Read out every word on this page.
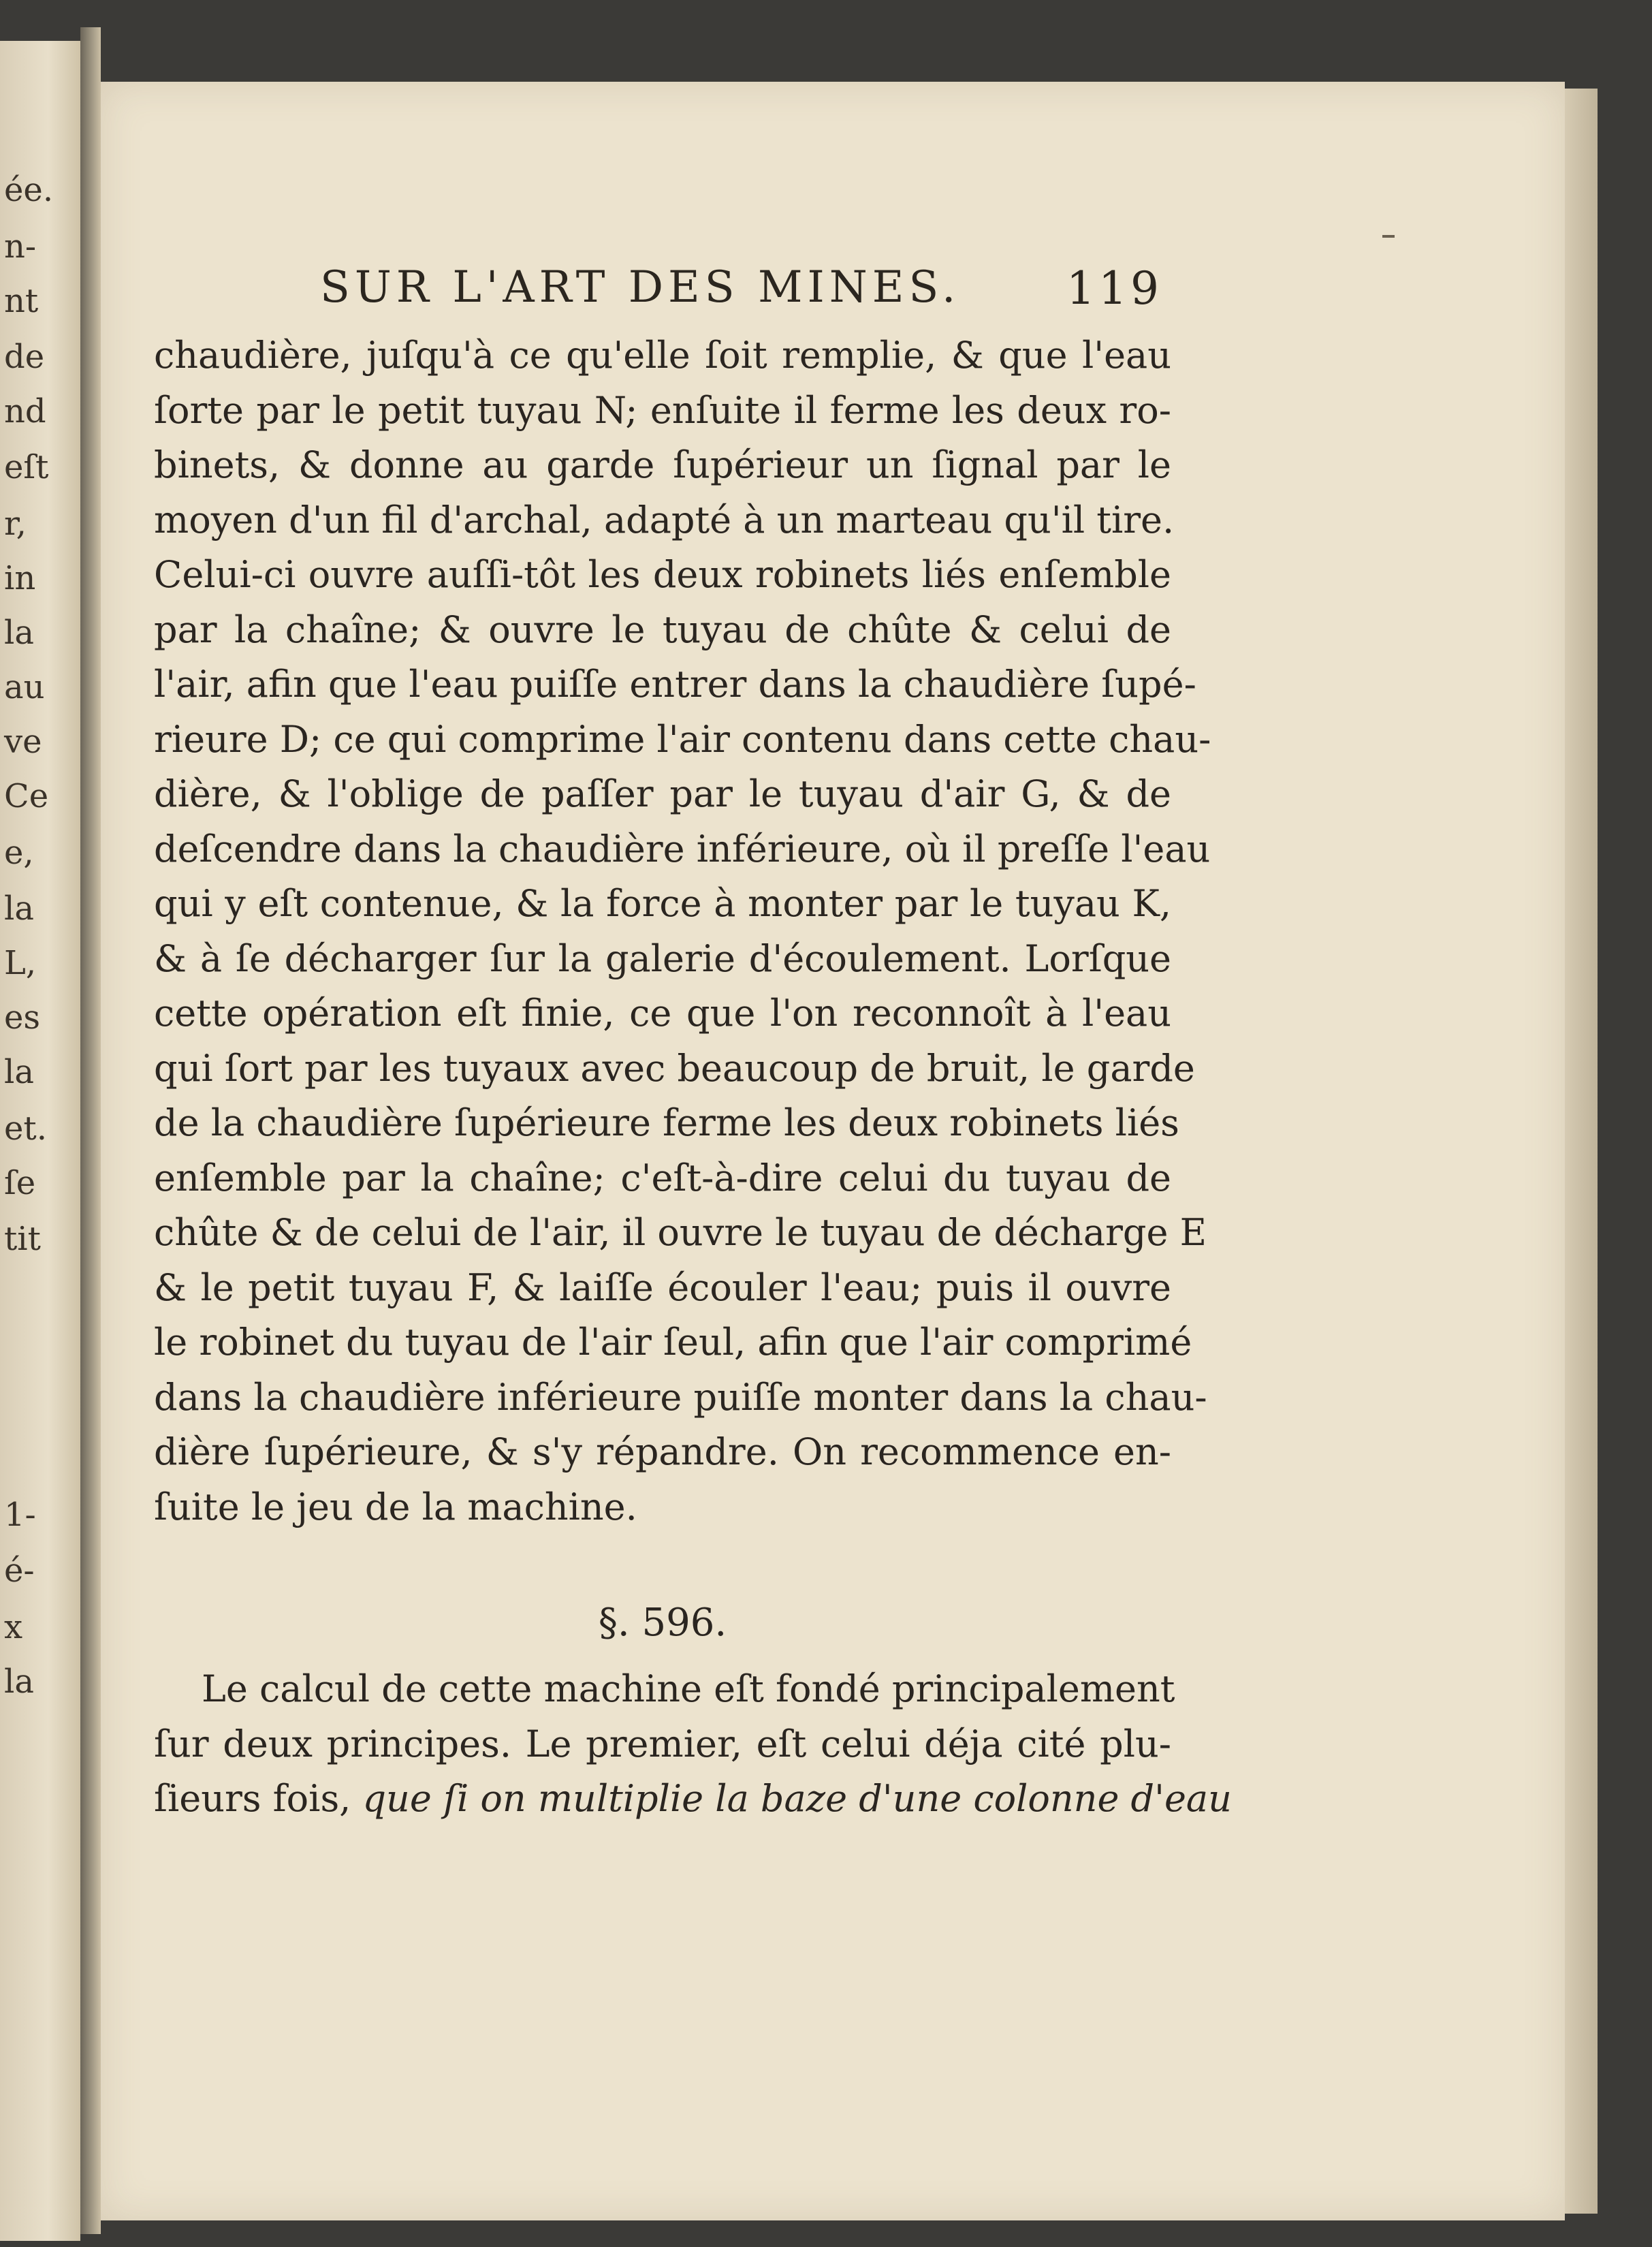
ée.
n-
nt
de
nd
eſt
r,
in
la
au
ve
Ce
e,
la
L,
es
la
et.
ſe
tit
1-
é-
x
la
SUR L'ART DES MINES. 119
chaudière, juſqu'à ce qu'elle ſoit remplie, & que l'eau
ſorte par le petit tuyau N; enſuite il ferme les deux ro-
binets, & donne au garde ſupérieur un ſignal par le
moyen d'un fil d'archal, adapté à un marteau qu'il tire.
Celui-ci ouvre auſſi-tôt les deux robinets liés enſemble
par la chaîne; & ouvre le tuyau de chûte & celui de
l'air, afin que l'eau puiſſe entrer dans la chaudière ſupé-
rieure D; ce qui comprime l'air contenu dans cette chau-
dière, & l'oblige de paſſer par le tuyau d'air G, & de
deſcendre dans la chaudière inférieure, où il preſſe l'eau
qui y eſt contenue, & la force à monter par le tuyau K,
& à ſe décharger ſur la galerie d'écoulement. Lorſque
cette opération eſt finie, ce que l'on reconnoît à l'eau
qui ſort par les tuyaux avec beaucoup de bruit, le garde
de la chaudière ſupérieure ferme les deux robinets liés
enſemble par la chaîne; c'eſt-à-dire celui du tuyau de
chûte & de celui de l'air, il ouvre le tuyau de décharge E
& le petit tuyau F, & laiſſe écouler l'eau; puis il ouvre
le robinet du tuyau de l'air ſeul, afin que l'air comprimé
dans la chaudière inférieure puiſſe monter dans la chau-
dière ſupérieure, & s'y répandre. On recommence en-
ſuite le jeu de la machine.
§. 596.
Le calcul de cette machine eſt fondé principalement
ſur deux principes. Le premier, eſt celui déja cité plu-
ſieurs fois, que ſi on multiplie la baze d'une colonne d'eau
